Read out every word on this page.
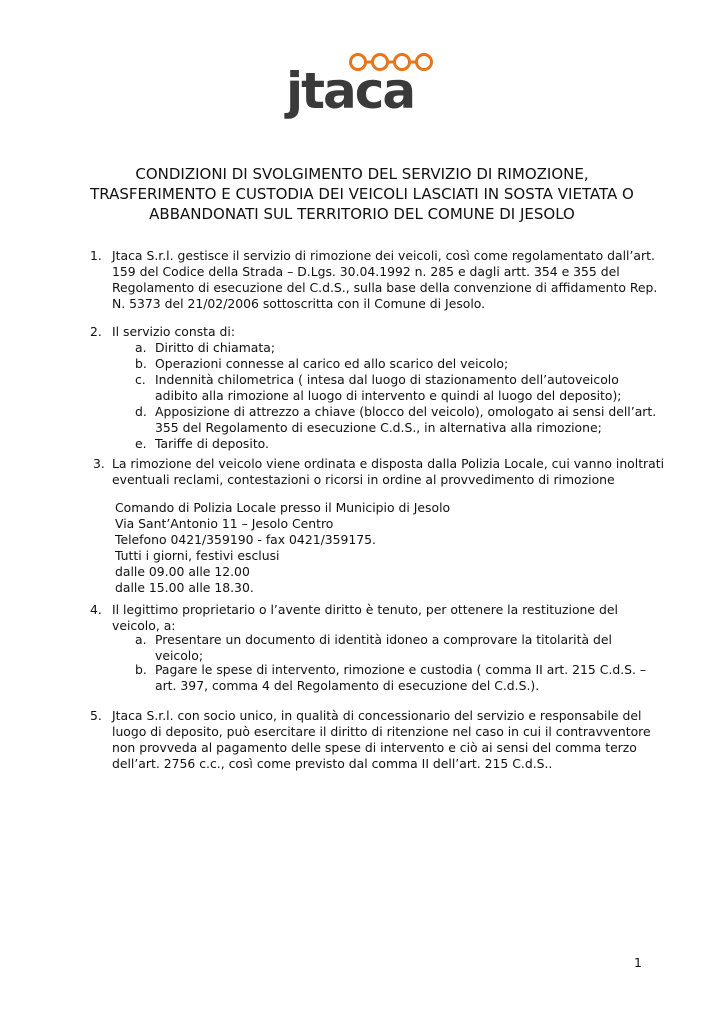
jtaca
CONDIZIONI DI SVOLGIMENTO DEL SERVIZIO DI RIMOZIONE,
TRASFERIMENTO E CUSTODIA DEI VEICOLI LASCIATI IN SOSTA VIETATA O
ABBANDONATI SUL TERRITORIO DEL COMUNE DI JESOLO
1. Jtaca S.r.l. gestisce il servizio di rimozione dei veicoli, così come regolamentato dall’art.
159 del Codice della Strada – D.Lgs. 30.04.1992 n. 285 e dagli artt. 354 e 355 del
Regolamento di esecuzione del C.d.S., sulla base della convenzione di affidamento Rep.
N. 5373 del 21/02/2006 sottoscritta con il Comune di Jesolo.
2. Il servizio consta di:
a. Diritto di chiamata;
b. Operazioni connesse al carico ed allo scarico del veicolo;
c. Indennità chilometrica ( intesa dal luogo di stazionamento dell’autoveicolo
adibito alla rimozione al luogo di intervento e quindi al luogo del deposito);
d. Apposizione di attrezzo a chiave (blocco del veicolo), omologato ai sensi dell’art.
355 del Regolamento di esecuzione C.d.S., in alternativa alla rimozione;
e. Tariffe di deposito.
3. La rimozione del veicolo viene ordinata e disposta dalla Polizia Locale, cui vanno inoltrati
eventuali reclami, contestazioni o ricorsi in ordine al provvedimento di rimozione
Comando di Polizia Locale presso il Municipio di Jesolo
Via Sant’Antonio 11 – Jesolo Centro
Telefono 0421/359190 - fax 0421/359175.
Tutti i giorni, festivi esclusi
dalle 09.00 alle 12.00
dalle 15.00 alle 18.30.
4. Il legittimo proprietario o l’avente diritto è tenuto, per ottenere la restituzione del
veicolo, a:
a. Presentare un documento di identità idoneo a comprovare la titolarità del
veicolo;
b. Pagare le spese di intervento, rimozione e custodia ( comma II art. 215 C.d.S. –
art. 397, comma 4 del Regolamento di esecuzione del C.d.S.).
5. Jtaca S.r.l. con socio unico, in qualità di concessionario del servizio e responsabile del
luogo di deposito, può esercitare il diritto di ritenzione nel caso in cui il contravventore
non provveda al pagamento delle spese di intervento e ciò ai sensi del comma terzo
dell’art. 2756 c.c., così come previsto dal comma II dell’art. 215 C.d.S..
1
